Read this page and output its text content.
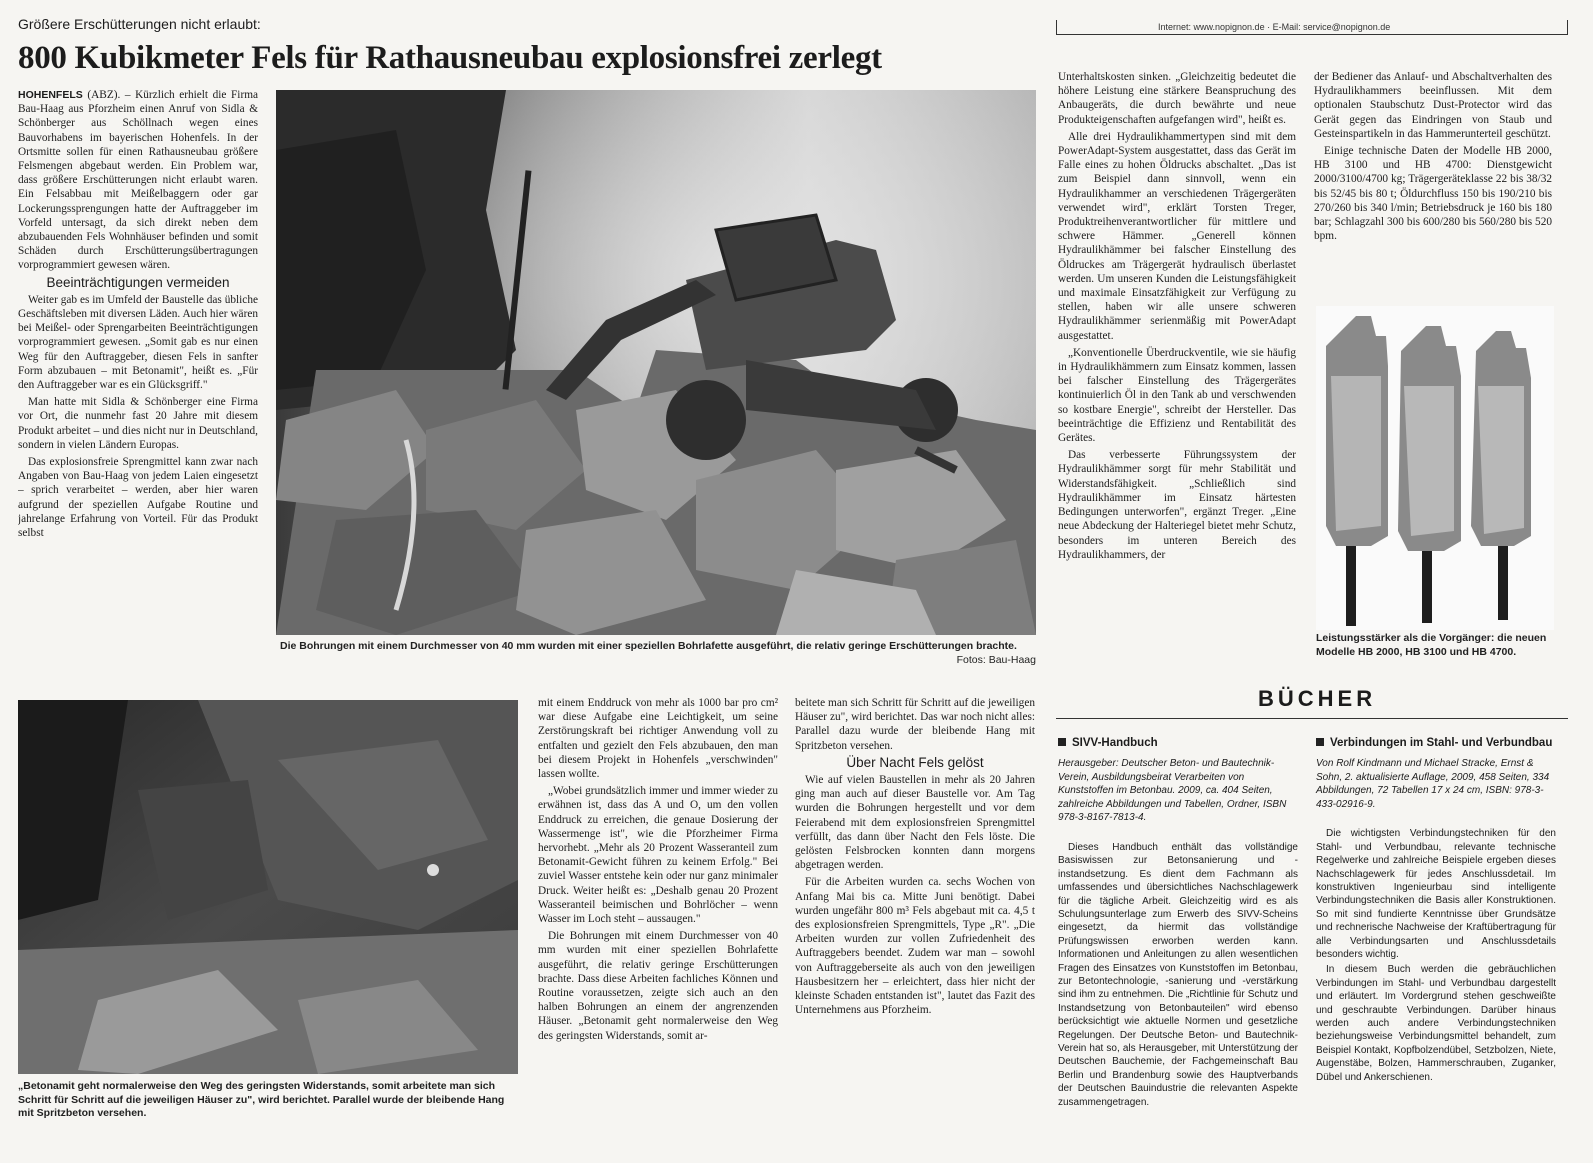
Größere Erschütterungen nicht erlaubt:
800 Kubikmeter Fels für Rathausneubau explosionsfrei zerlegt
Internet: www.nopignon.de · E-Mail: service@nopignon.de

HOHENFELS (ABZ). – Kürzlich erhielt die Firma Bau-Haag aus Pforzheim einen Anruf von Sidla & Schönberger aus Schöllnach wegen eines Bauvorhabens im bayerischen Hohenfels. In der Ortsmitte sollen für einen Rathausneubau größere Felsmengen abgebaut werden. Ein Problem war, dass größere Erschütterungen nicht erlaubt waren. Ein Felsabbau mit Meißelbaggern oder gar Lockerungssprengungen hatte der Auftraggeber im Vorfeld untersagt, da sich direkt neben dem abzubauenden Fels Wohnhäuser befinden und somit Schäden durch Erschütterungsübertragungen vorprogrammiert gewesen wären.

Beeinträchtigungen vermeiden

Weiter gab es im Umfeld der Baustelle das übliche Geschäftsleben mit diversen Läden. Auch hier wären bei Meißel- oder Sprengarbeiten Beeinträchtigungen vorprogrammiert gewesen. „Somit gab es nur einen Weg für den Auftraggeber, diesen Fels in sanfter Form abzubauen – mit Betonamit", heißt es. „Für den Auftraggeber war es ein Glücksgriff."

Man hatte mit Sidla & Schönberger eine Firma vor Ort, die nunmehr fast 20 Jahre mit diesem Produkt arbeitet – und dies nicht nur in Deutschland, sondern in vielen Ländern Europas.

Das explosionsfreie Sprengmittel kann zwar nach Angaben von Bau-Haag von jedem Laien eingesetzt – sprich verarbeitet – werden, aber hier waren aufgrund der speziellen Aufgabe Routine und jahrelange Erfahrung von Vorteil. Für das Produkt selbst

Die Bohrungen mit einem Durchmesser von 40 mm wurden mit einer speziellen Bohrlafette ausgeführt, die relativ geringe Erschütterungen brachte.
Fotos: Bau-Haag
„Betonamit geht normalerweise den Weg des geringsten Widerstands, somit arbeitete man sich Schritt für Schritt auf die jeweiligen Häuser zu", wird berichtet. Parallel wurde der bleibende Hang mit Spritzbeton versehen.

mit einem Enddruck von mehr als 1000 bar pro cm² war diese Aufgabe eine Leichtigkeit, um seine Zerstörungskraft bei richtiger Anwendung voll zu entfalten und gezielt den Fels abzubauen, den man bei diesem Projekt in Hohenfels „verschwinden" lassen wollte.

„Wobei grundsätzlich immer und immer wieder zu erwähnen ist, dass das A und O, um den vollen Enddruck zu erreichen, die genaue Dosierung der Wassermenge ist", wie die Pforzheimer Firma hervorhebt. „Mehr als 20 Prozent Wasseranteil zum Betonamit-Gewicht führen zu keinem Erfolg." Bei zuviel Wasser entstehe kein oder nur ganz minimaler Druck. Weiter heißt es: „Deshalb genau 20 Prozent Wasseranteil beimischen und Bohrlöcher – wenn Wasser im Loch steht – aussaugen."

Die Bohrungen mit einem Durchmesser von 40 mm wurden mit einer speziellen Bohrlafette ausgeführt, die relativ geringe Erschütterungen brachte. Dass diese Arbeiten fachliches Können und Routine voraussetzen, zeigte sich auch an den halben Bohrungen an einem der angrenzenden Häuser. „Betonamit geht normalerweise den Weg des geringsten Widerstands, somit ar-

beitete man sich Schritt für Schritt auf die jeweiligen Häuser zu", wird berichtet. Das war noch nicht alles: Parallel dazu wurde der bleibende Hang mit Spritzbeton versehen.

Über Nacht Fels gelöst

Wie auf vielen Baustellen in mehr als 20 Jahren ging man auch auf dieser Baustelle vor. Am Tag wurden die Bohrungen hergestellt und vor dem Feierabend mit dem explosionsfreien Sprengmittel verfüllt, das dann über Nacht den Fels löste. Die gelösten Felsbrocken konnten dann morgens abgetragen werden.

Für die Arbeiten wurden ca. sechs Wochen von Anfang Mai bis ca. Mitte Juni benötigt. Dabei wurden ungefähr 800 m³ Fels abgebaut mit ca. 4,5 t des explosionsfreien Sprengmittels, Type „R". „Die Arbeiten wurden zur vollen Zufriedenheit des Auftraggebers beendet. Zudem war man – sowohl von Auftraggeberseite als auch von den jeweiligen Hausbesitzern her – erleichtert, dass hier nicht der kleinste Schaden entstanden ist", lautet das Fazit des Unternehmens aus Pforzheim.

Unterhaltskosten sinken. „Gleichzeitig bedeutet die höhere Leistung eine stärkere Beanspruchung des Anbaugeräts, die durch bewährte und neue Produkteigenschaften aufgefangen wird", heißt es.

Alle drei Hydraulikhammertypen sind mit dem PowerAdapt-System ausgestattet, dass das Gerät im Falle eines zu hohen Öldrucks abschaltet. „Das ist zum Beispiel dann sinnvoll, wenn ein Hydraulikhammer an verschiedenen Trägergeräten verwendet wird", erklärt Torsten Treger, Produktreihenverantwortlicher für mittlere und schwere Hämmer. „Generell können Hydraulikhämmer bei falscher Einstellung des Öldruckes am Trägergerät hydraulisch überlastet werden. Um unseren Kunden die Leistungsfähigkeit und maximale Einsatzfähigkeit zur Verfügung zu stellen, haben wir alle unsere schweren Hydraulikhämmer serienmäßig mit PowerAdapt ausgestattet.

„Konventionelle Überdruckventile, wie sie häufig in Hydraulikhämmern zum Einsatz kommen, lassen bei falscher Einstellung des Trägergerätes kontinuierlich Öl in den Tank ab und verschwenden so kostbare Energie", schreibt der Hersteller. Das beeinträchtige die Effizienz und Rentabilität des Gerätes.

Das verbesserte Führungssystem der Hydraulikhämmer sorgt für mehr Stabilität und Widerstandsfähigkeit. „Schließlich sind Hydraulikhämmer im Einsatz härtesten Bedingungen unterworfen", ergänzt Treger. „Eine neue Abdeckung der Halteriegel bietet mehr Schutz, besonders im unteren Bereich des Hydraulikhammers, der

der Bediener das Anlauf- und Abschaltverhalten des Hydraulikhammers beeinflussen. Mit dem optionalen Staubschutz Dust-Protector wird das Gerät gegen das Eindringen von Staub und Gesteinspartikeln in das Hammerunterteil geschützt.

Einige technische Daten der Modelle HB 2000, HB 3100 und HB 4700: Dienstgewicht 2000/3100/4700 kg; Trägergeräteklasse 22 bis 38/32 bis 52/45 bis 80 t; Öldurchfluss 150 bis 190/210 bis 270/260 bis 340 l/min; Betriebsdruck je 160 bis 180 bar; Schlagzahl 300 bis 600/280 bis 560/280 bis 520 bpm.

Leistungsstärker als die Vorgänger: die neuen Modelle HB 2000, HB 3100 und HB 4700.
BÜCHER
SIVV-Handbuch
Herausgeber: Deutscher Beton- und Bautechnik-Verein, Ausbildungsbeirat Verarbeiten von Kunststoffen im Betonbau. 2009, ca. 404 Seiten, zahlreiche Abbildungen und Tabellen, Ordner, ISBN 978-3-8167-7813-4.

Dieses Handbuch enthält das vollständige Basiswissen zur Betonsanierung und -instandsetzung. Es dient dem Fachmann als umfassendes und übersichtliches Nachschlagewerk für die tägliche Arbeit. Gleichzeitig wird es als Schulungsunterlage zum Erwerb des SIVV-Scheins eingesetzt, da hiermit das vollständige Prüfungswissen erworben werden kann. Informationen und Anleitungen zu allen wesentlichen Fragen des Einsatzes von Kunststoffen im Betonbau, zur Betontechnologie, -sanierung und -verstärkung sind ihm zu entnehmen. Die „Richtlinie für Schutz und Instandsetzung von Betonbauteilen" wird ebenso berücksichtigt wie aktuelle Normen und gesetzliche Regelungen. Der Deutsche Beton- und Bautechnik-Verein hat so, als Herausgeber, mit Unterstützung der Deutschen Bauchemie, der Fachgemeinschaft Bau Berlin und Brandenburg sowie des Hauptverbands der Deutschen Bauindustrie die relevanten Aspekte zusammengetragen.

Verbindungen im Stahl- und Verbundbau
Von Rolf Kindmann und Michael Stracke, Ernst & Sohn, 2. aktualisierte Auflage, 2009, 458 Seiten, 334 Abbildungen, 72 Tabellen 17 x 24 cm, ISBN: 978-3-433-02916-9.

Die wichtigsten Verbindungstechniken für den Stahl- und Verbundbau, relevante technische Regelwerke und zahlreiche Beispiele ergeben dieses Nachschlagewerk für jedes Anschlussdetail. Im konstruktiven Ingenieurbau sind intelligente Verbindungstechniken die Basis aller Konstruktionen. So mit sind fundierte Kenntnisse über Grundsätze und rechnerische Nachweise der Kraftübertragung für alle Verbindungsarten und Anschlussdetails besonders wichtig.

In diesem Buch werden die gebräuchlichen Verbindungen im Stahl- und Verbundbau dargestellt und erläutert. Im Vordergrund stehen geschweißte und geschraubte Verbindungen. Darüber hinaus werden auch andere Verbindungstechniken beziehungsweise Verbindungsmittel behandelt, zum Beispiel Kontakt, Kopfbolzendübel, Setzbolzen, Niete, Augenstäbe, Bolzen, Hammerschrauben, Zuganker, Dübel und Ankerschienen.
